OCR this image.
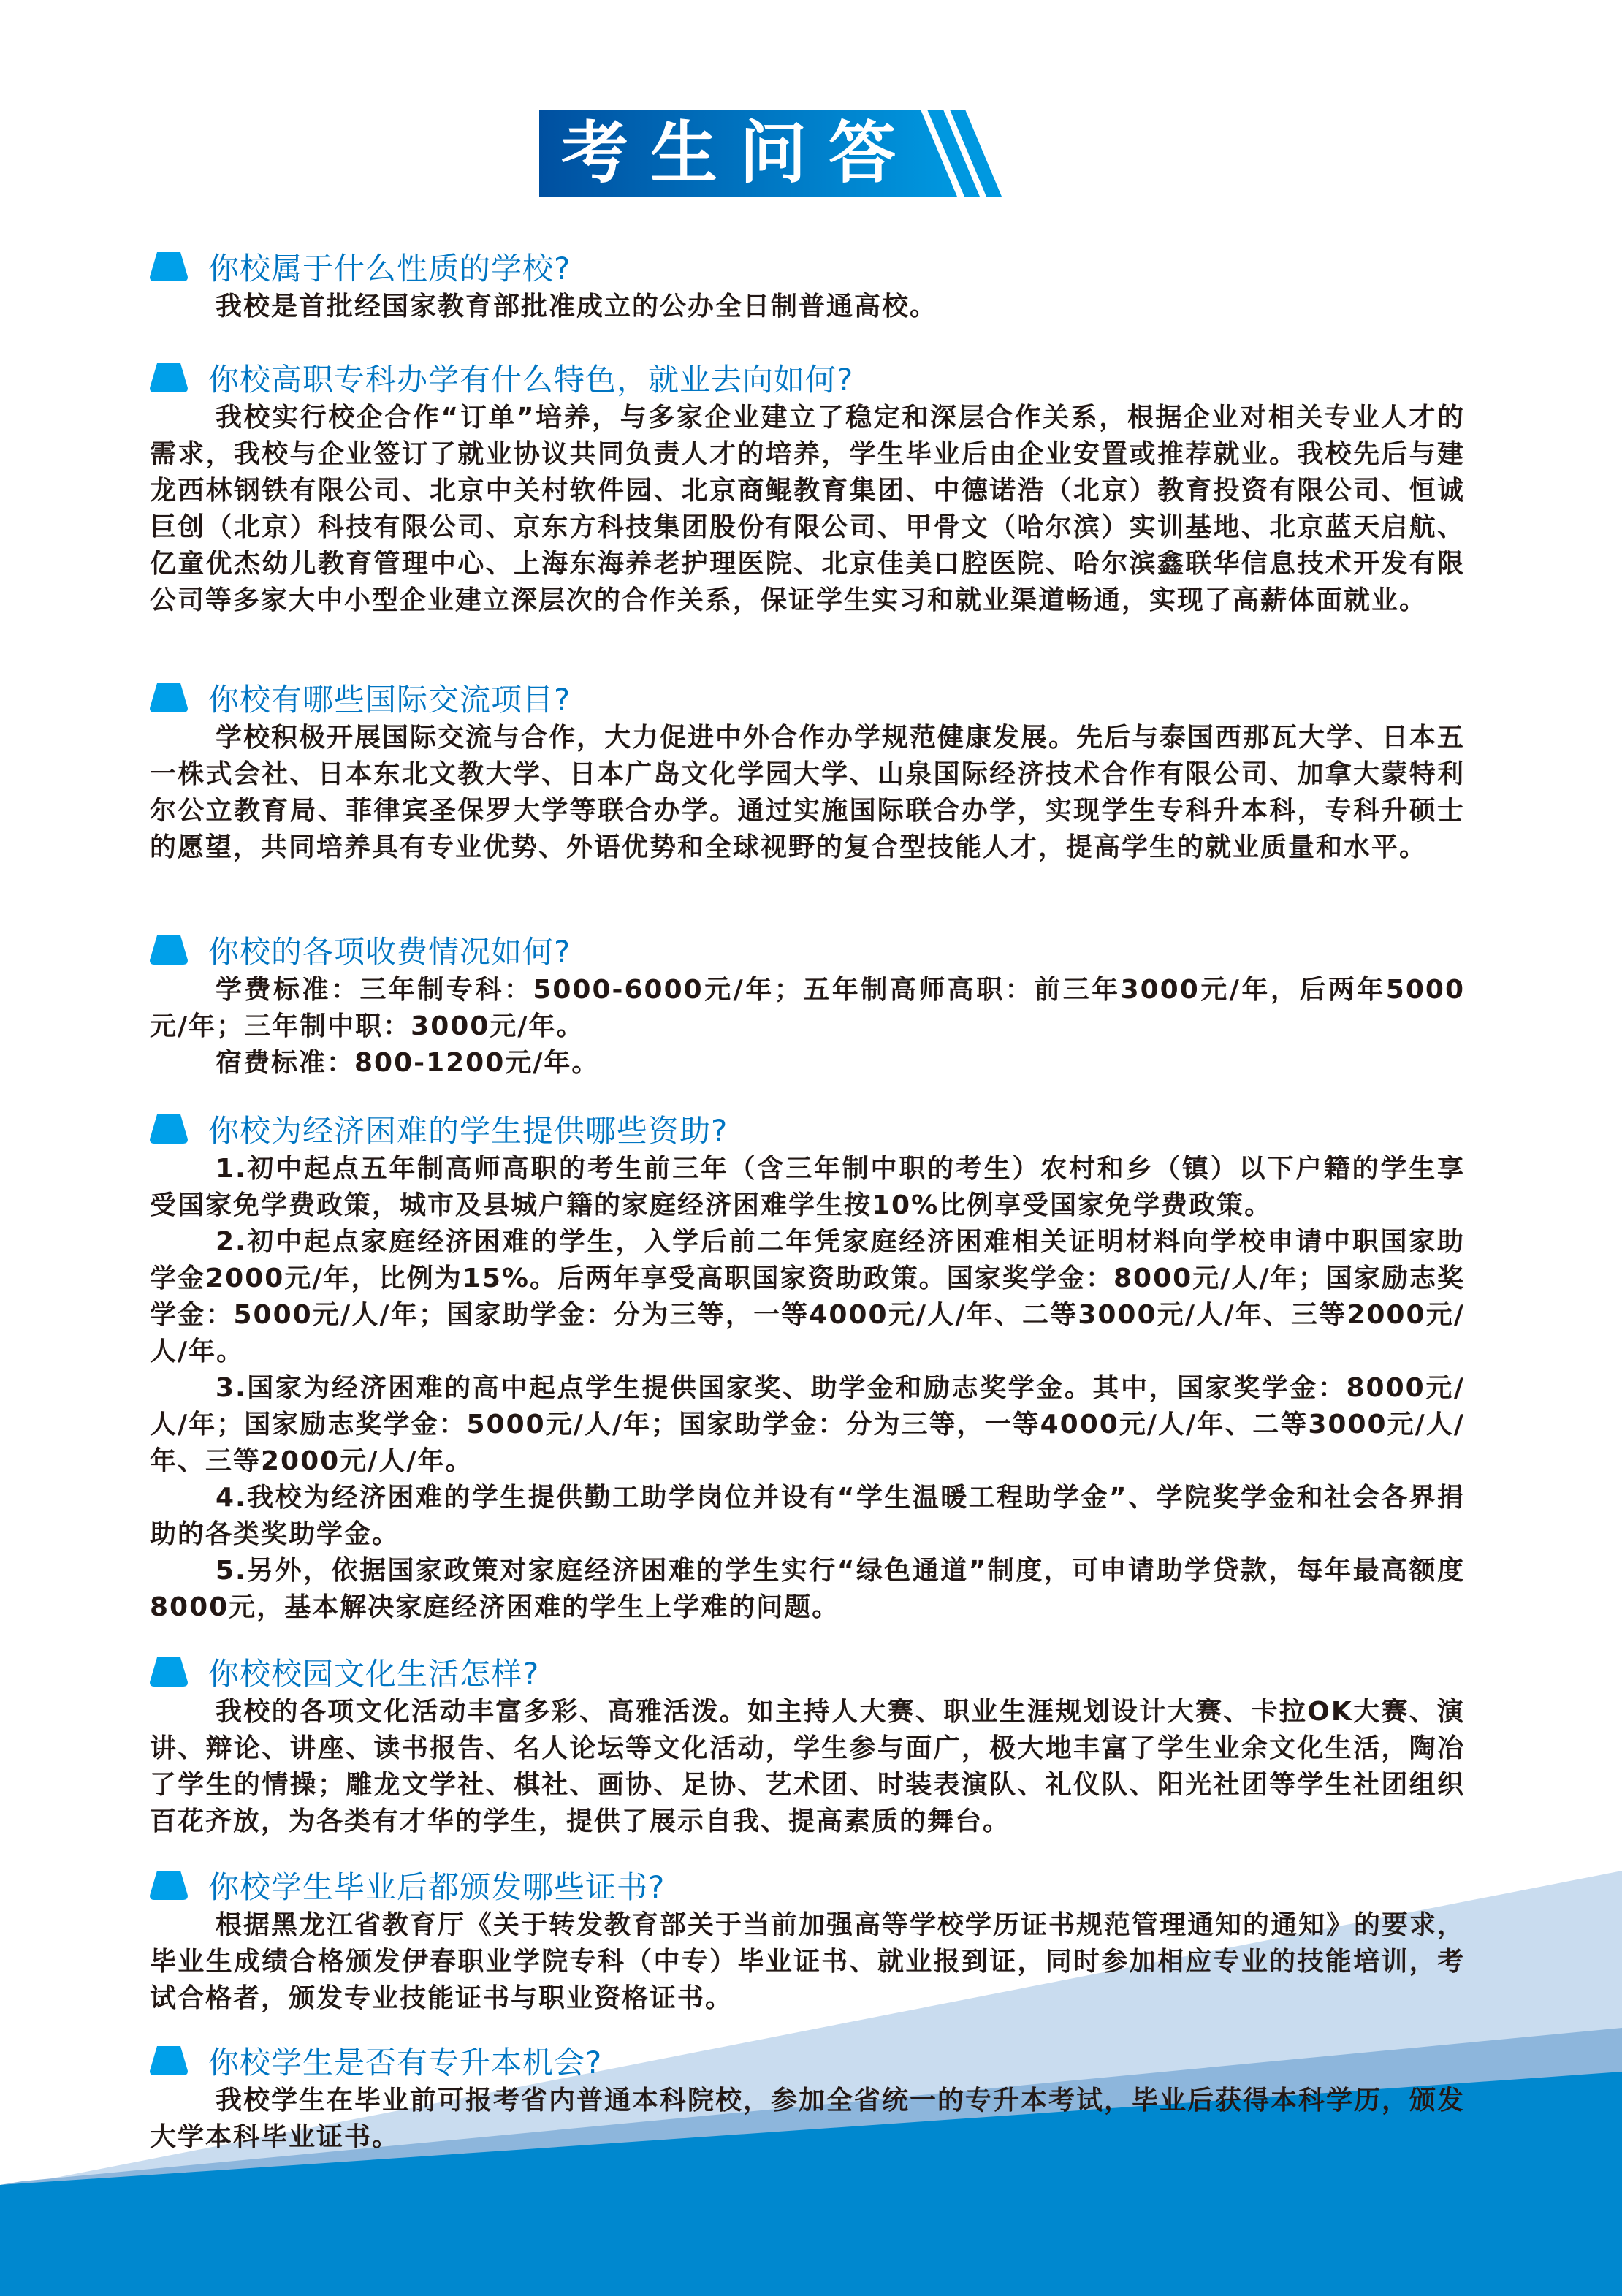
考生问答
你校属于什么性质的学校?

我校是首批经国家教育部批准成立的公办全日制普通高校。

你校高职专科办学有什么特色，就业去向如何?

我校实行校企合作“订单”培养，与多家企业建立了稳定和深层合作关系，根据企业对相关专业人才的需求，我校与企业签订了就业协议共同负责人才的培养，学生毕业后由企业安置或推荐就业。我校先后与建龙西林钢铁有限公司、北京中关村软件园、北京商鲲教育集团、中德诺浩（北京）教育投资有限公司、恒诚巨创（北京）科技有限公司、京东方科技集团股份有限公司、甲骨文（哈尔滨）实训基地、北京蓝天启航、亿童优杰幼儿教育管理中心、上海东海养老护理医院、北京佳美口腔医院、哈尔滨鑫联华信息技术开发有限公司等多家大中小型企业建立深层次的合作关系，保证学生实习和就业渠道畅通，实现了高薪体面就业。

你校有哪些国际交流项目?

学校积极开展国际交流与合作，大力促进中外合作办学规范健康发展。先后与泰国西那瓦大学、日本五一株式会社、日本东北文教大学、日本广岛文化学园大学、山泉国际经济技术合作有限公司、加拿大蒙特利尔公立教育局、菲律宾圣保罗大学等联合办学。通过实施国际联合办学，实现学生专科升本科，专科升硕士的愿望，共同培养具有专业优势、外语优势和全球视野的复合型技能人才，提高学生的就业质量和水平。

你校的各项收费情况如何?

学费标准：三年制专科：5000-6000元/年；五年制高师高职：前三年3000元/年，后两年5000元/年；三年制中职：3000元/年。

宿费标准：800-1200元/年。

你校为经济困难的学生提供哪些资助?

1.初中起点五年制高师高职的考生前三年（含三年制中职的考生）农村和乡（镇）以下户籍的学生享受国家免学费政策，城市及县城户籍的家庭经济困难学生按10%比例享受国家免学费政策。

2.初中起点家庭经济困难的学生，入学后前二年凭家庭经济困难相关证明材料向学校申请中职国家助学金2000元/年，比例为15%。后两年享受高职国家资助政策。国家奖学金：8000元/人/年；国家励志奖学金：5000元/人/年；国家助学金：分为三等，一等4000元/人/年、二等3000元/人/年、三等2000元/人/年。

3.国家为经济困难的高中起点学生提供国家奖、助学金和励志奖学金。其中，国家奖学金：8000元/人/年；国家励志奖学金：5000元/人/年；国家助学金：分为三等，一等4000元/人/年、二等3000元/人/年、三等2000元/人/年。

4.我校为经济困难的学生提供勤工助学岗位并设有“学生温暖工程助学金”、学院奖学金和社会各界捐助的各类奖助学金。

5.另外，依据国家政策对家庭经济困难的学生实行“绿色通道”制度，可申请助学贷款，每年最高额度8000元，基本解决家庭经济困难的学生上学难的问题。

你校校园文化生活怎样?

我校的各项文化活动丰富多彩、高雅活泼。如主持人大赛、职业生涯规划设计大赛、卡拉OK大赛、演讲、辩论、讲座、读书报告、名人论坛等文化活动，学生参与面广，极大地丰富了学生业余文化生活，陶冶了学生的情操；雕龙文学社、棋社、画协、足协、艺术团、时装表演队、礼仪队、阳光社团等学生社团组织百花齐放，为各类有才华的学生，提供了展示自我、提高素质的舞台。

你校学生毕业后都颁发哪些证书?

根据黑龙江省教育厅《关于转发教育部关于当前加强高等学校学历证书规范管理通知的通知》的要求，毕业生成绩合格颁发伊春职业学院专科（中专）毕业证书、就业报到证，同时参加相应专业的技能培训，考试合格者，颁发专业技能证书与职业资格证书。

你校学生是否有专升本机会?

我校学生在毕业前可报考省内普通本科院校，参加全省统一的专升本考试，毕业后获得本科学历，颁发大学本科毕业证书。
